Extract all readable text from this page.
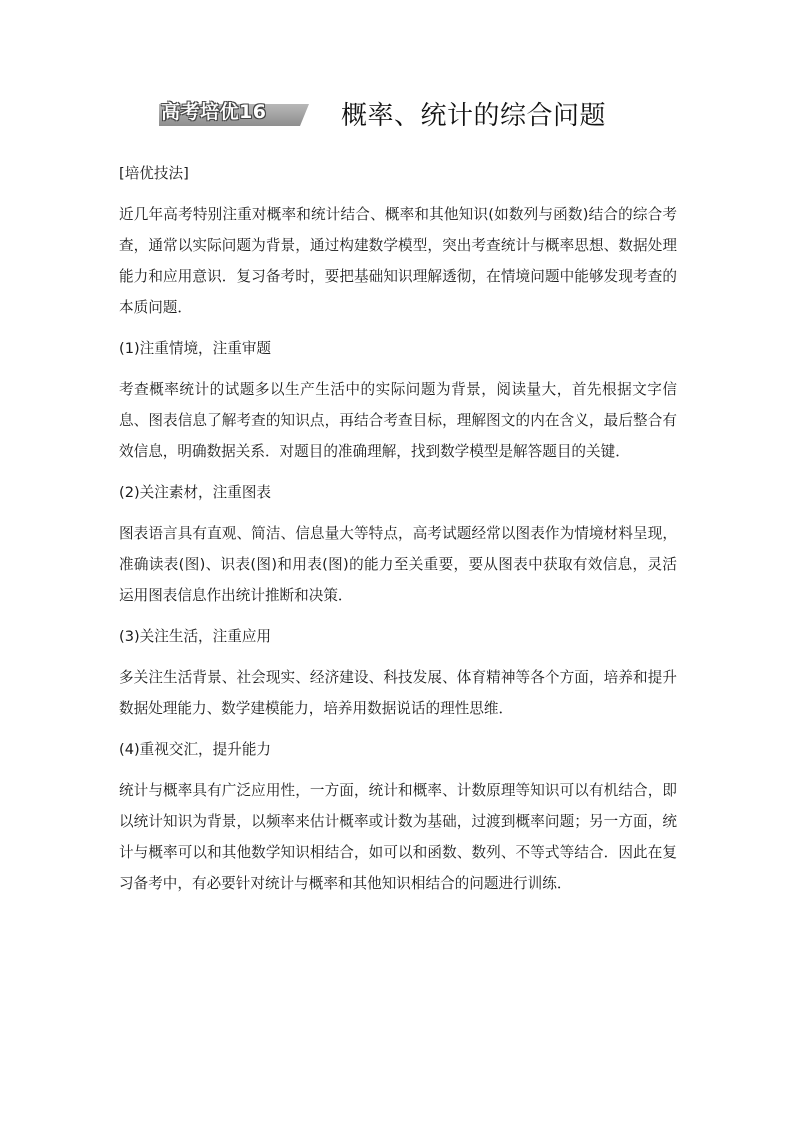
高考培优16	概率、统计的综合问题

[培优技法]

近几年高考特别注重对概率和统计结合、概率和其他知识(如数列与函数)结合的综合考查，通常以实际问题为背景，通过构建数学模型，突出考查统计与概率思想、数据处理能力和应用意识．复习备考时，要把基础知识理解透彻，在情境问题中能够发现考查的本质问题．

(1)注重情境，注重审题

考查概率统计的试题多以生产生活中的实际问题为背景，阅读量大，首先根据文字信息、图表信息了解考查的知识点，再结合考查目标，理解图文的内在含义，最后整合有效信息，明确数据关系．对题目的准确理解，找到数学模型是解答题目的关键．

(2)关注素材，注重图表

图表语言具有直观、简洁、信息量大等特点，高考试题经常以图表作为情境材料呈现，准确读表(图)、识表(图)和用表(图)的能力至关重要，要从图表中获取有效信息，灵活运用图表信息作出统计推断和决策．

(3)关注生活，注重应用

多关注生活背景、社会现实、经济建设、科技发展、体育精神等各个方面，培养和提升数据处理能力、数学建模能力，培养用数据说话的理性思维．

(4)重视交汇，提升能力

统计与概率具有广泛应用性，一方面，统计和概率、计数原理等知识可以有机结合，即以统计知识为背景，以频率来估计概率或计数为基础，过渡到概率问题；另一方面，统计与概率可以和其他数学知识相结合，如可以和函数、数列、不等式等结合．因此在复习备考中，有必要针对统计与概率和其他知识相结合的问题进行训练．
